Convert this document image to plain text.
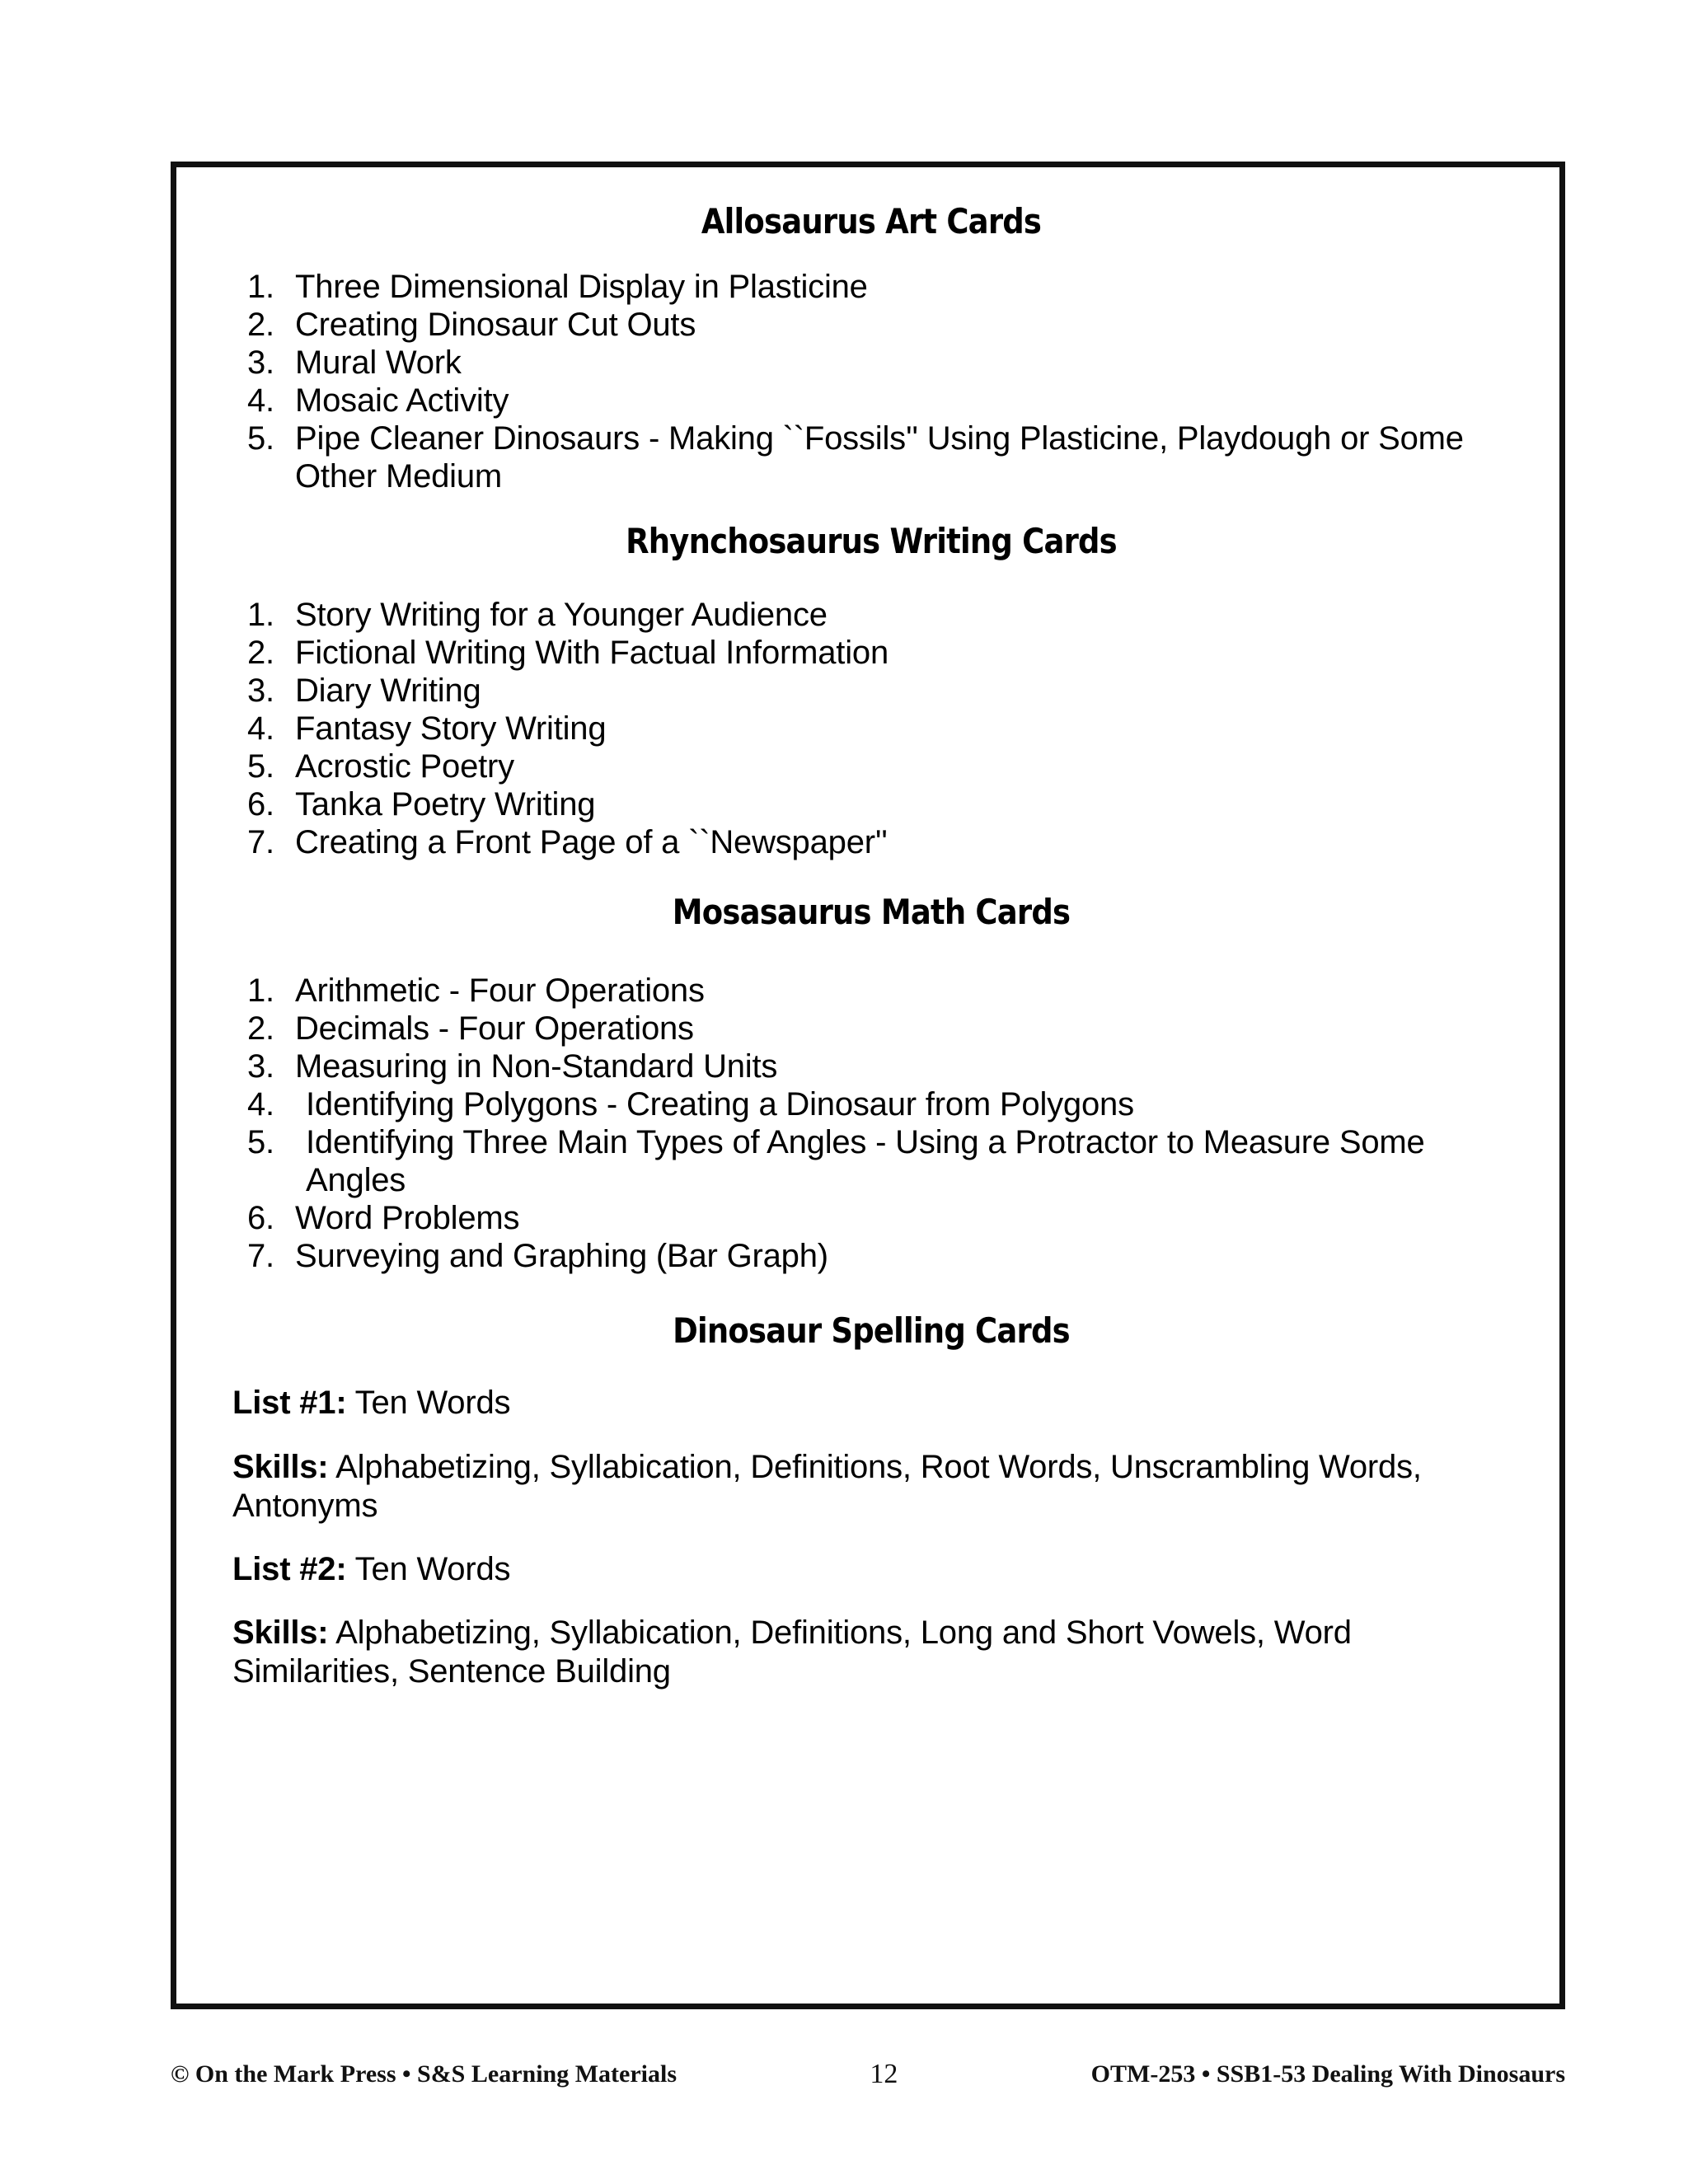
Allosaurus Art Cards
1. Three Dimensional Display in Plasticine
2. Creating Dinosaur Cut Outs
3. Mural Work
4. Mosaic Activity
5. Pipe Cleaner Dinosaurs - Making ``Fossils'' Using Plasticine, Playdough or Some Other Medium
Rhynchosaurus Writing Cards
1. Story Writing for a Younger Audience
2. Fictional Writing With Factual Information
3. Diary Writing
4. Fantasy Story Writing
5. Acrostic Poetry
6. Tanka Poetry Writing
7. Creating a Front Page of a ``Newspaper''
Mosasaurus Math Cards
1. Arithmetic - Four Operations
2. Decimals - Four Operations
3. Measuring in Non-Standard Units
4. Identifying Polygons - Creating a Dinosaur from Polygons
5. Identifying Three Main Types of Angles - Using a Protractor to Measure Some Angles
6. Word Problems
7. Surveying and Graphing (Bar Graph)
Dinosaur Spelling Cards

List #1: Ten Words

Skills: Alphabetizing, Syllabication, Definitions, Root Words, Unscrambling Words, Antonyms

List #2: Ten Words

Skills: Alphabetizing, Syllabication, Definitions, Long and Short Vowels, Word Similarities, Sentence Building

© On the Mark Press • S&S Learning Materials	12	OTM-253 • SSB1-53 Dealing With Dinosaurs
